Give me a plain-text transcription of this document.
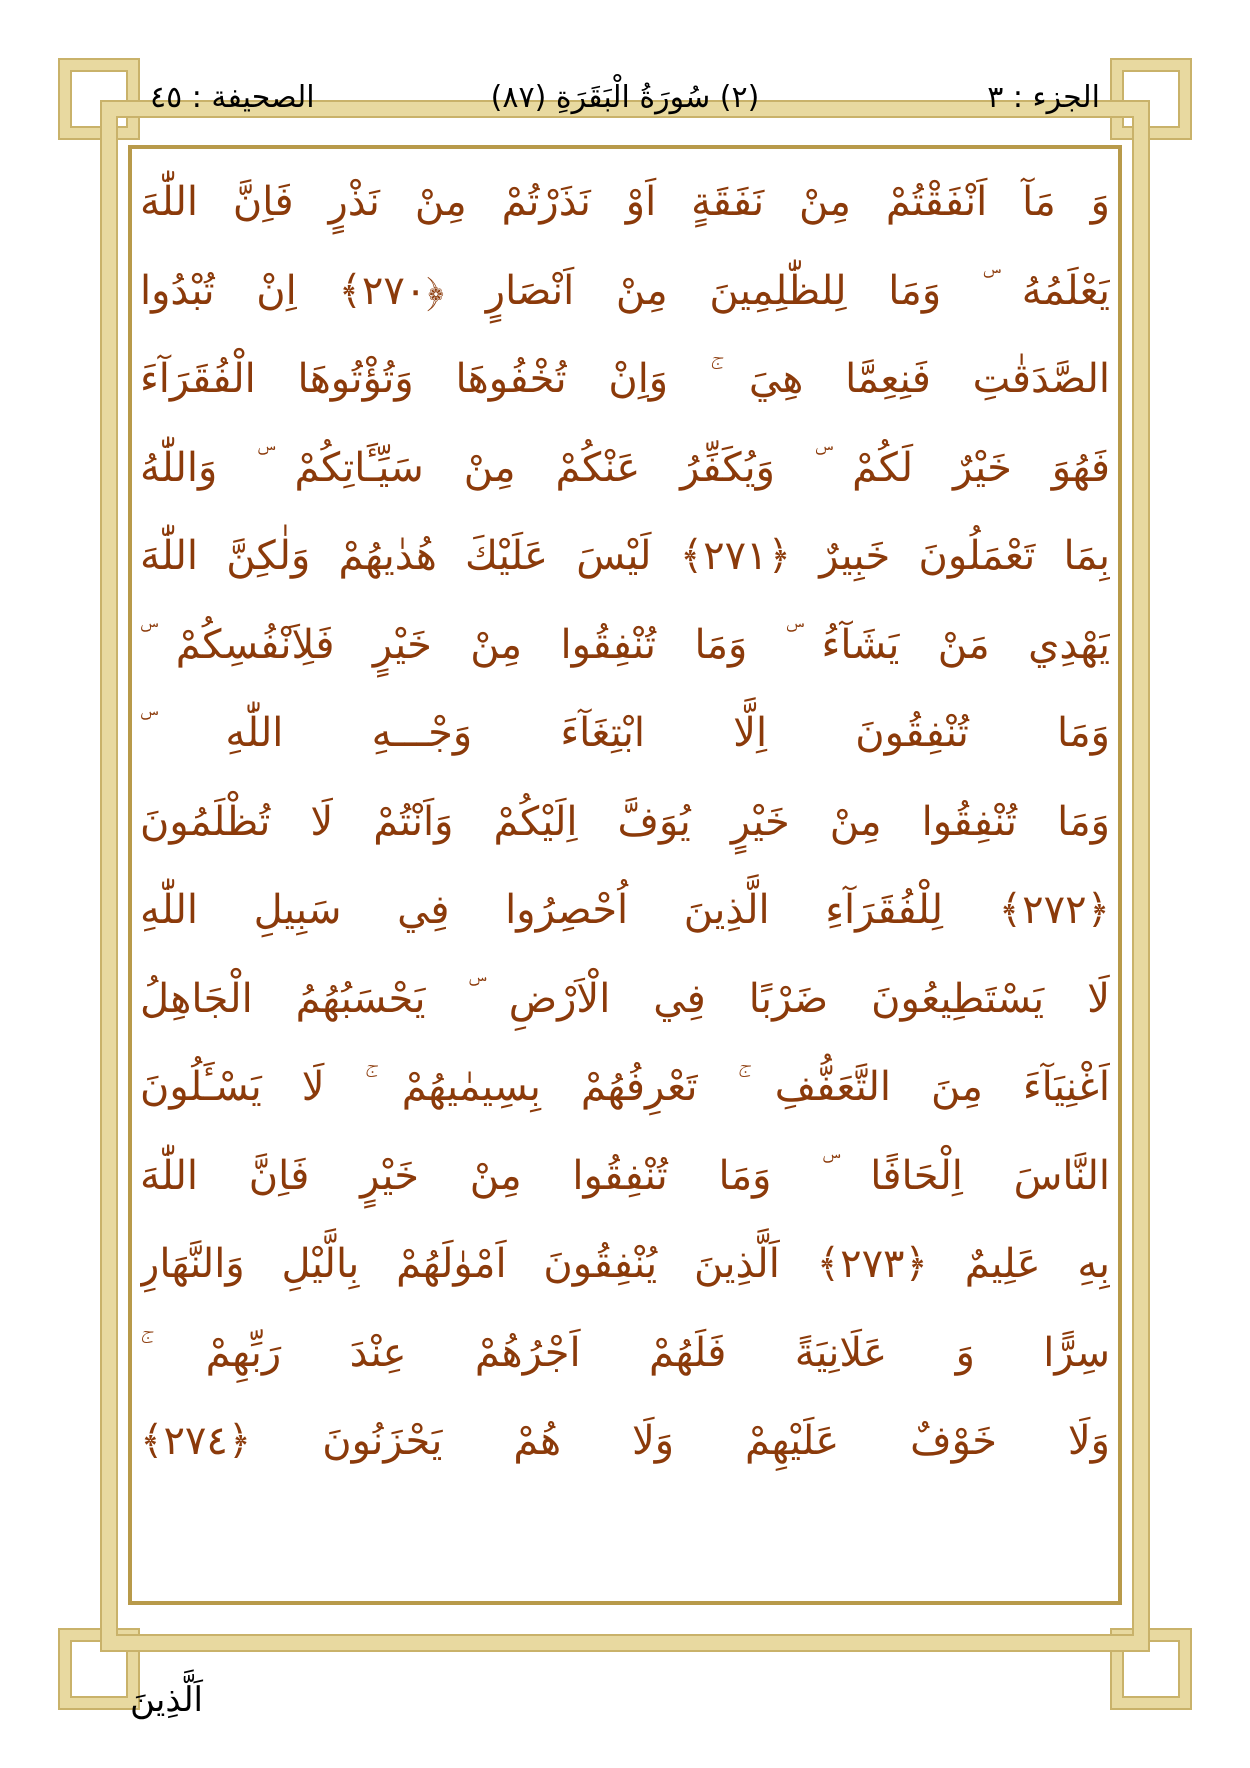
الجزء : ٣
(٢) سُورَةُ الْبَقَرَةِ (٨٧)
الصحيفة : ٤٥
وَ مَآ اَنْفَقْتُمْ مِنْ نَفَقَةٍ اَوْ نَذَرْتُمْ مِنْ نَذْرٍ فَاِنَّ اللّٰهَ
يَعْلَمُهُ ۜ وَمَا لِلظّٰلِمِينَ مِنْ اَنْصَارٍ ﴿٢٧٠﴾ اِنْ تُبْدُوا
الصَّدَقٰتِ فَنِعِمَّا هِيَ ۚ وَاِنْ تُخْفُوهَا وَتُؤْتُوهَا الْفُقَرَآءَ
فَهُوَ خَيْرٌ لَكُمْ ۜ وَيُكَفِّرُ عَنْكُمْ مِنْ سَيِّـَٔاتِكُمْ ۜ وَاللّٰهُ
بِمَا تَعْمَلُونَ خَبِيرٌ ﴿٢٧١﴾ لَيْسَ عَلَيْكَ هُدٰيهُمْ وَلٰكِنَّ اللّٰهَ
يَهْدِي مَنْ يَشَآءُ ۜ وَمَا تُنْفِقُوا مِنْ خَيْرٍ فَلِاَنْفُسِكُمْ ۜ
وَمَا تُنْفِقُونَ اِلَّا ابْتِغَآءَ وَجْـــهِ اللّٰهِ ۜ
وَمَا تُنْفِقُوا مِنْ خَيْرٍ يُوَفَّ اِلَيْكُمْ وَاَنْتُمْ لَا تُظْلَمُونَ
﴿٢٧٢﴾ لِلْفُقَرَآءِ الَّذِينَ اُحْصِرُوا فِي سَبِيلِ اللّٰهِ
لَا يَسْتَطِيعُونَ ضَرْبًا فِي الْاَرْضِ ۜ يَحْسَبُهُمُ الْجَاهِلُ
اَغْنِيَآءَ مِنَ التَّعَفُّفِ ۚ تَعْرِفُهُمْ بِسِيمٰيهُمْ ۚ لَا يَسْـَٔلُونَ
النَّاسَ اِلْحَافًا ۜ وَمَا تُنْفِقُوا مِنْ خَيْرٍ فَاِنَّ اللّٰهَ
بِهِ عَلِيمٌ ﴿٢٧٣﴾ اَلَّذِينَ يُنْفِقُونَ اَمْوٰلَهُمْ بِالَّيْلِ وَالنَّهَارِ
سِرًّا وَ عَلَانِيَةً فَلَهُمْ اَجْرُهُمْ عِنْدَ رَبِّهِمْ ۚ
وَلَا خَوْفٌ عَلَيْهِمْ وَلَا هُمْ يَحْزَنُونَ ﴿٢٧٤﴾
اَلَّذِينَ
